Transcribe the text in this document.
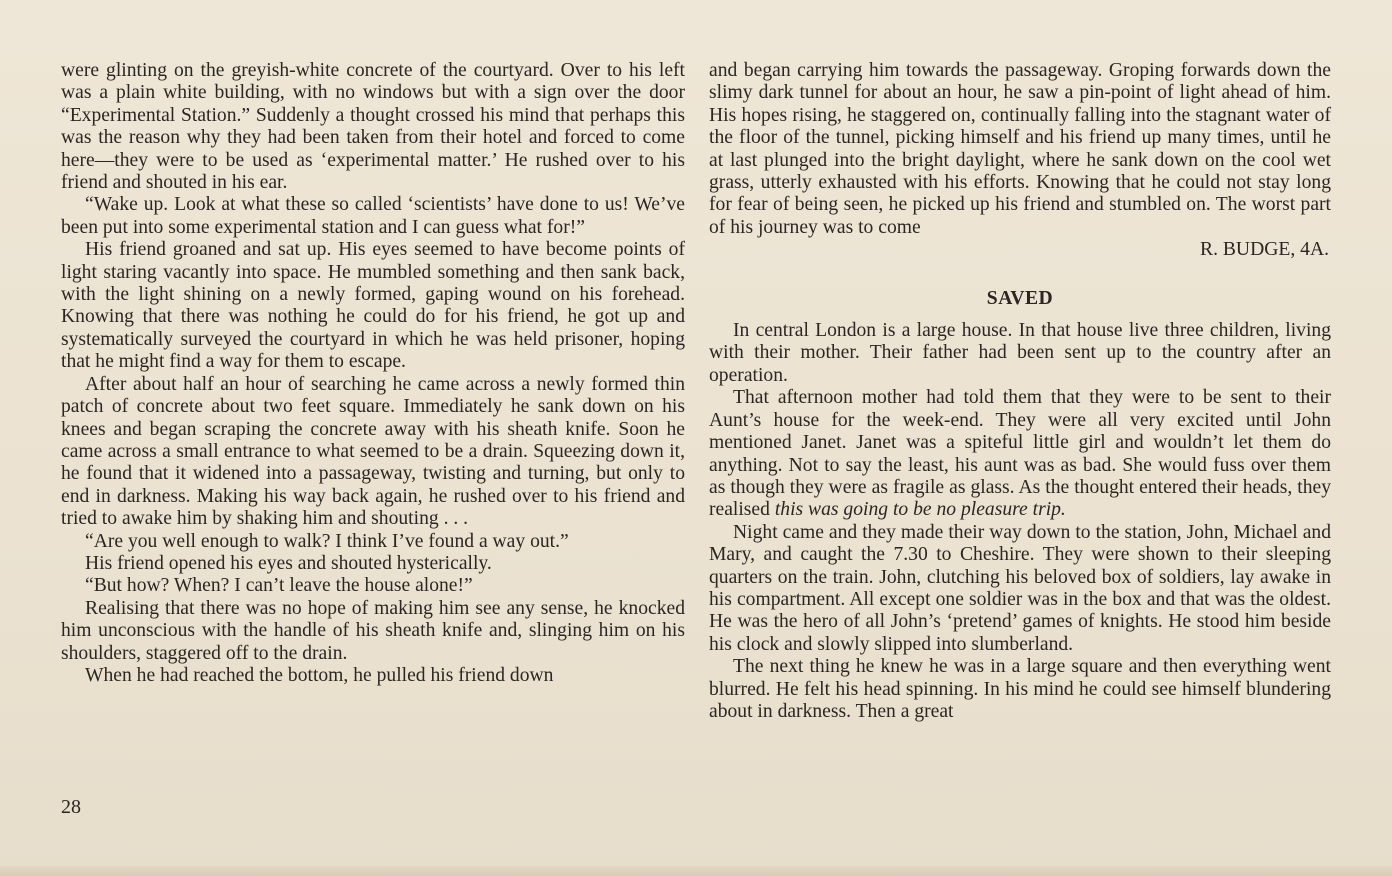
were glinting on the greyish-white concrete of the courtyard. Over to his left was a plain white building, with no windows but with a sign over the door “Experimental Station.” Suddenly a thought crossed his mind that perhaps this was the reason why they had been taken from their hotel and forced to come here—they were to be used as ‘experimental matter.’ He rushed over to his friend and shouted in his ear.

“Wake up. Look at what these so called ‘scientists’ have done to us! We’ve been put into some experimental station and I can guess what for!”

His friend groaned and sat up. His eyes seemed to have become points of light staring vacantly into space. He mumbled something and then sank back, with the light shining on a newly formed, gaping wound on his forehead. Knowing that there was nothing he could do for his friend, he got up and systematically surveyed the courtyard in which he was held prisoner, hoping that he might find a way for them to escape.

After about half an hour of searching he came across a newly formed thin patch of concrete about two feet square. Immediately he sank down on his knees and began scraping the concrete away with his sheath knife. Soon he came across a small entrance to what seemed to be a drain. Squeezing down it, he found that it widened into a passageway, twisting and turning, but only to end in darkness. Making his way back again, he rushed over to his friend and tried to awake him by shaking him and shouting . . .

“Are you well enough to walk? I think I’ve found a way out.”

His friend opened his eyes and shouted hysterically.

“But how? When? I can’t leave the house alone!”

Realising that there was no hope of making him see any sense, he knocked him unconscious with the handle of his sheath knife and, slinging him on his shoulders, staggered off to the drain.

When he had reached the bottom, he pulled his friend down

and began carrying him towards the passageway. Groping forwards down the slimy dark tunnel for about an hour, he saw a pin-point of light ahead of him. His hopes rising, he staggered on, continually falling into the stagnant water of the floor of the tunnel, picking himself and his friend up many times, until he at last plunged into the bright daylight, where he sank down on the cool wet grass, utterly exhausted with his efforts. Knowing that he could not stay long for fear of being seen, he picked up his friend and stumbled on. The worst part of his journey was to come

R. BUDGE, 4A.

SAVED

In central London is a large house. In that house live three children, living with their mother. Their father had been sent up to the country after an operation.

That afternoon mother had told them that they were to be sent to their Aunt’s house for the week-end. They were all very excited until John mentioned Janet. Janet was a spiteful little girl and wouldn’t let them do anything. Not to say the least, his aunt was as bad. She would fuss over them as though they were as fragile as glass. As the thought entered their heads, they realised this was going to be no pleasure trip.

Night came and they made their way down to the station, John, Michael and Mary, and caught the 7.30 to Cheshire. They were shown to their sleeping quarters on the train. John, clutching his beloved box of soldiers, lay awake in his compartment. All except one soldier was in the box and that was the oldest. He was the hero of all John’s ‘pretend’ games of knights. He stood him beside his clock and slowly slipped into slumberland.

The next thing he knew he was in a large square and then everything went blurred. He felt his head spinning. In his mind he could see himself blundering about in darkness. Then a great

28
